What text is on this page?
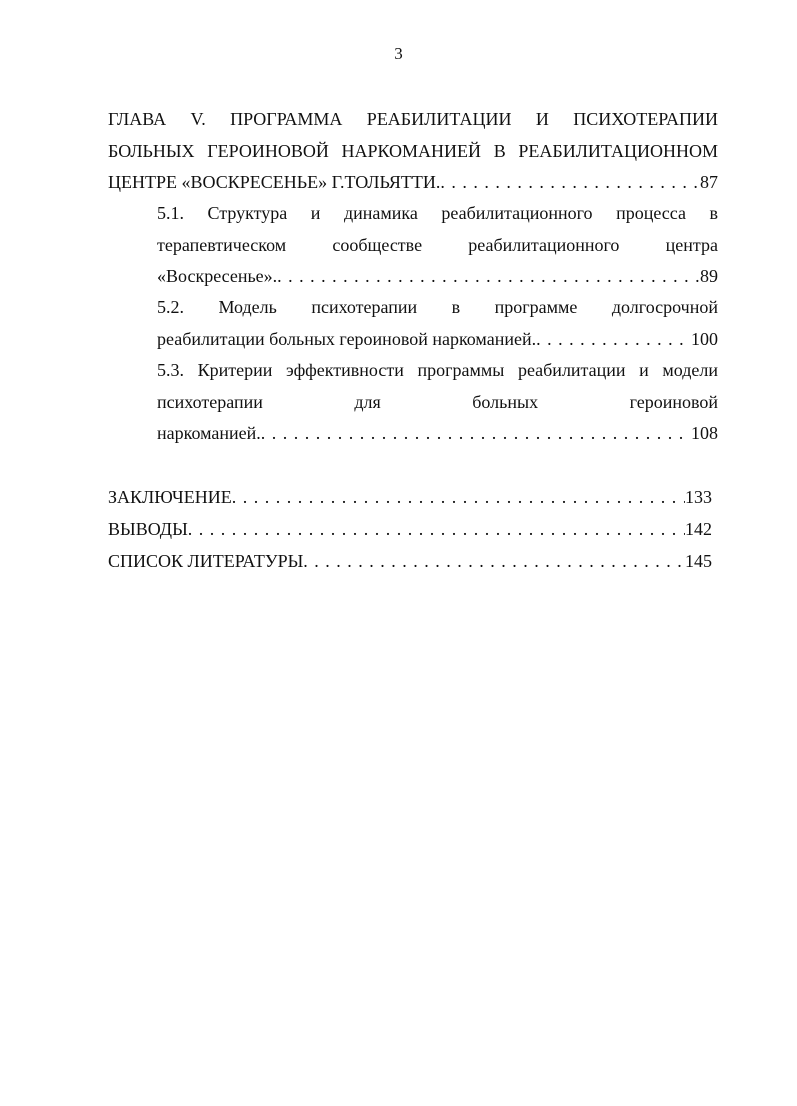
3
ГЛАВА V. ПРОГРАММА РЕАБИЛИТАЦИИ И ПСИХОТЕРАПИИ
БОЛЬНЫХ ГЕРОИНОВОЙ НАРКОМАНИЕЙ В РЕАБИЛИТАЦИОННОМ
ЦЕНТРЕ «ВОСКРЕСЕНЬЕ» Г.ТОЛЬЯТТИ. . . .	87
5.1. Структура и динамика реабилитационного процесса в
терапевтическом сообществе реабилитационного центра
«Воскресенье». . . .	89
5.2. Модель психотерапии в программе долгосрочной
реабилитации больных героиновой наркоманией. . . .	100
5.3. Критерии эффективности программы реабилитации и модели
психотерапии для больных героиновой
наркоманией. . . .	108
ЗАКЛЮЧЕНИЕ . . .	133
ВЫВОДЫ . . .	142
СПИСОК ЛИТЕРАТУРЫ . . .	145
